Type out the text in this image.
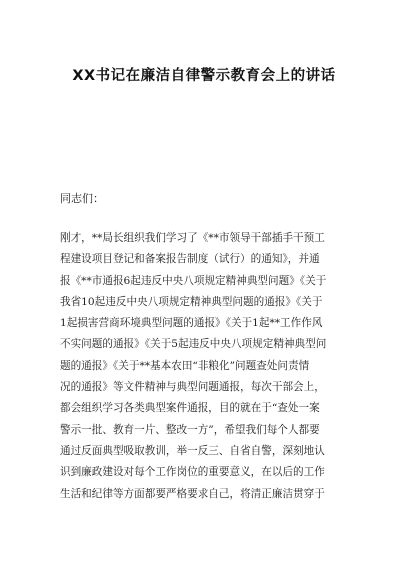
XX书记在廉洁自律警示教育会上的讲话
同志们：
刚才，**局长组织我们学习了《**市领导干部插手干预工
程建设项目登记和备案报告制度（试行）的通知》，并通
报《**市通报6起违反中央八项规定精神典型问题》《关于
我省10起违反中央八项规定精神典型问题的通报》《关于
1起损害营商环境典型问题的通报》《关于1起**工作作风
不实问题的通报》《关于5起违反中央八项规定精神典型问
题的通报》《关于**基本农田“非粮化”问题查处问责情
况的通报》等文件精神与典型问题通报，每次干部会上，
都会组织学习各类典型案件通报，目的就在于“查处一案
警示一批、教育一片、整改一方”，希望我们每个人都要
通过反面典型吸取教训，举一反三、自省自警，深刻地认
识到廉政建设对每个工作岗位的重要意义，在以后的工作
生活和纪律等方面都要严格要求自己，将清正廉洁贯穿于
